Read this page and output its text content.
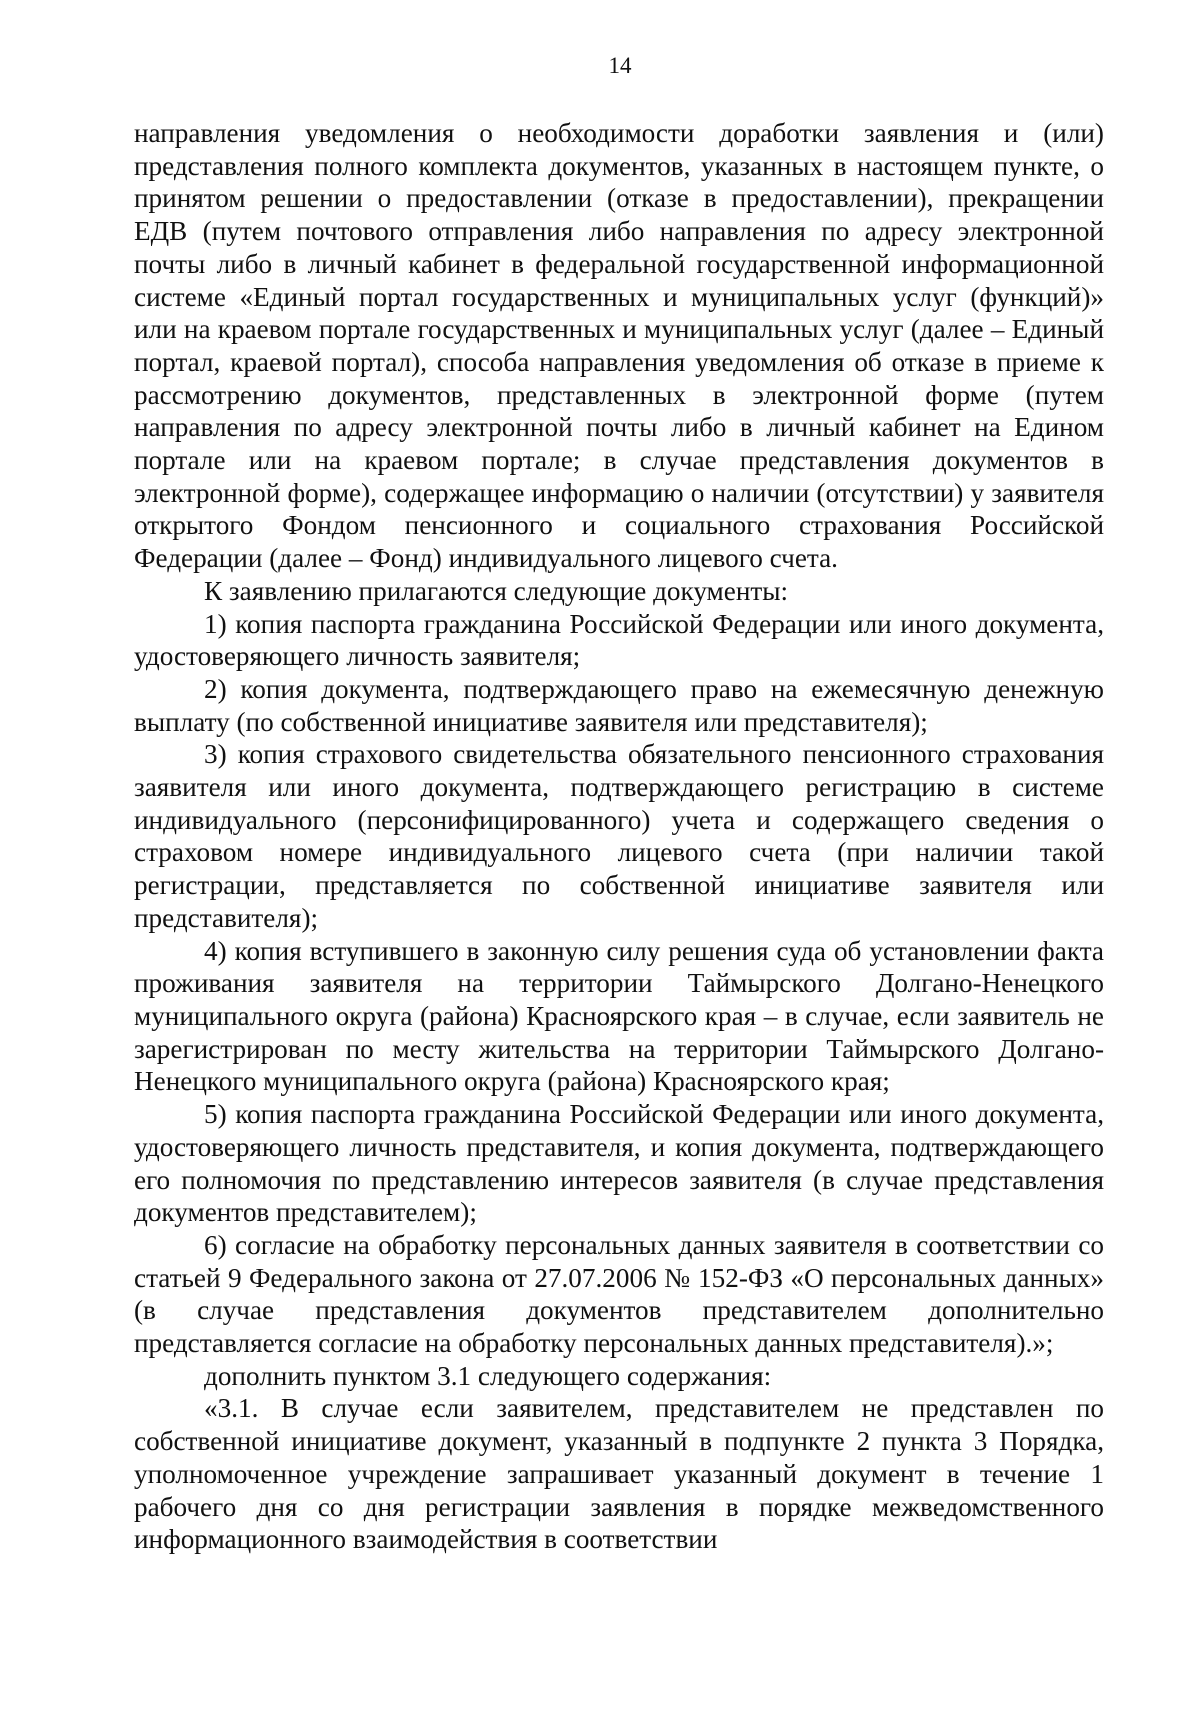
14

направления уведомления о необходимости доработки заявления и (или) представления полного комплекта документов, указанных в настоящем пункте, о принятом решении о предоставлении (отказе в предоставлении), прекращении ЕДВ (путем почтового отправления либо направления по адресу электронной почты либо в личный кабинет в федеральной государственной информационной системе «Единый портал государственных и муниципальных услуг (функций)» или на краевом портале государственных и муниципальных услуг (далее – Единый портал, краевой портал), способа направления уведомления об отказе в приеме к рассмотрению документов, представленных в электронной форме (путем направления по адресу электронной почты либо в личный кабинет на Едином портале или на краевом портале; в случае представления документов в электронной форме), содержащее информацию о наличии (отсутствии) у заявителя открытого Фондом пенсионного и социального страхования Российской Федерации (далее – Фонд) индивидуального лицевого счета.

К заявлению прилагаются следующие документы:

1) копия паспорта гражданина Российской Федерации или иного документа, удостоверяющего личность заявителя;

2) копия документа, подтверждающего право на ежемесячную денежную выплату (по собственной инициативе заявителя или представителя);

3) копия страхового свидетельства обязательного пенсионного страхования заявителя или иного документа, подтверждающего регистрацию в системе индивидуального (персонифицированного) учета и содержащего сведения о страховом номере индивидуального лицевого счета (при наличии такой регистрации, представляется по собственной инициативе заявителя или представителя);

4) копия вступившего в законную силу решения суда об установлении факта проживания заявителя на территории Таймырского Долгано-Ненецкого муниципального округа (района) Красноярского края – в случае, если заявитель не зарегистрирован по месту жительства на территории Таймырского Долгано-Ненецкого муниципального округа (района) Красноярского края;

5) копия паспорта гражданина Российской Федерации или иного документа, удостоверяющего личность представителя, и копия документа, подтверждающего его полномочия по представлению интересов заявителя (в случае представления документов представителем);

6) согласие на обработку персональных данных заявителя в соответствии со статьей 9 Федерального закона от 27.07.2006 № 152-ФЗ «О персональных данных» (в случае представления документов представителем дополнительно представляется согласие на обработку персональных данных представителя).»;

дополнить пунктом 3.1 следующего содержания:

«3.1. В случае если заявителем, представителем не представлен по собственной инициативе документ, указанный в подпункте 2 пункта 3 Порядка, уполномоченное учреждение запрашивает указанный документ в течение 1 рабочего дня со дня регистрации заявления в порядке межведомственного информационного взаимодействия в соответствии
